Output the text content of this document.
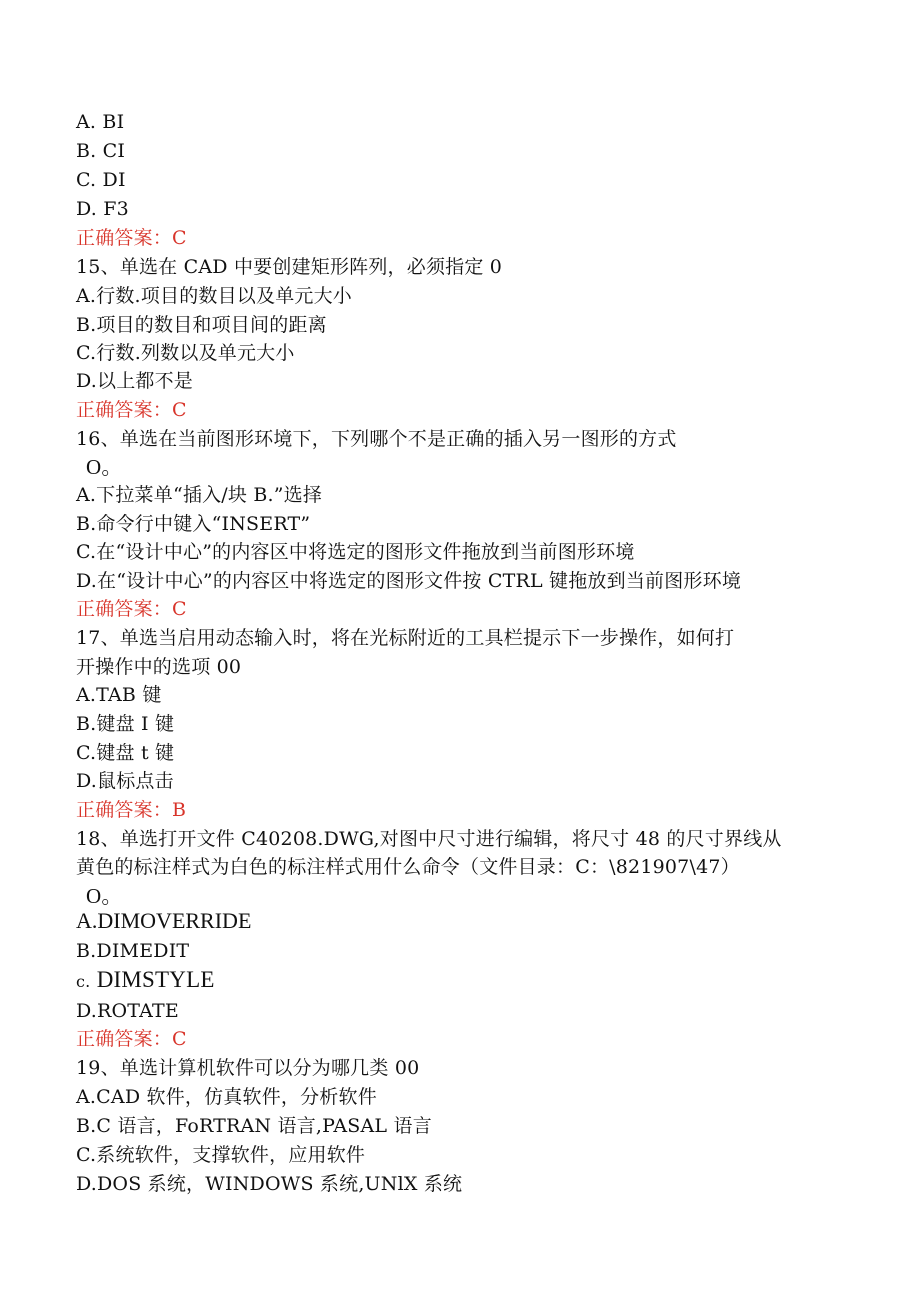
A. BI
B. CI
C. DI
D. F3
正确答案：C
15、单选在 CAD 中要创建矩形阵列，必须指定 0
A.行数.项目的数目以及单元大小
B.项目的数目和项目间的距离
C.行数.列数以及单元大小
D.以上都不是
正确答案：C
16、单选在当前图形环境下，下列哪个不是正确的插入另一图形的方式
O。
A.下拉菜单“插入/块 B.”选择
B.命令行中键入“INSERT”
C.在“设计中心”的内容区中将选定的图形文件拖放到当前图形环境
D.在“设计中心”的内容区中将选定的图形文件按 CTRL 键拖放到当前图形环境
正确答案：C
17、单选当启用动态输入时，将在光标附近的工具栏提示下一步操作，如何打
开操作中的选项 00
A.TAB 键
B.键盘 I 键
C.键盘 t 键
D.鼠标点击
正确答案：B
18、单选打开文件 C40208.DWG,对图中尺寸进行编辑，将尺寸 48 的尺寸界线从
黄色的标注样式为白色的标注样式用什么命令（文件目录：C：\821907\47）
O。
A.DIMOVERRIDE
B.DIMEDIT
c. DIMSTYLE
D.ROTATE
正确答案：C
19、单选计算机软件可以分为哪几类 00
A.CAD 软件，仿真软件，分析软件
B.C 语言，FoRTRAN 语言,PASAL 语言
C.系统软件，支撑软件，应用软件
D.DOS 系统，WINDOWS 系统,UNlX 系统
